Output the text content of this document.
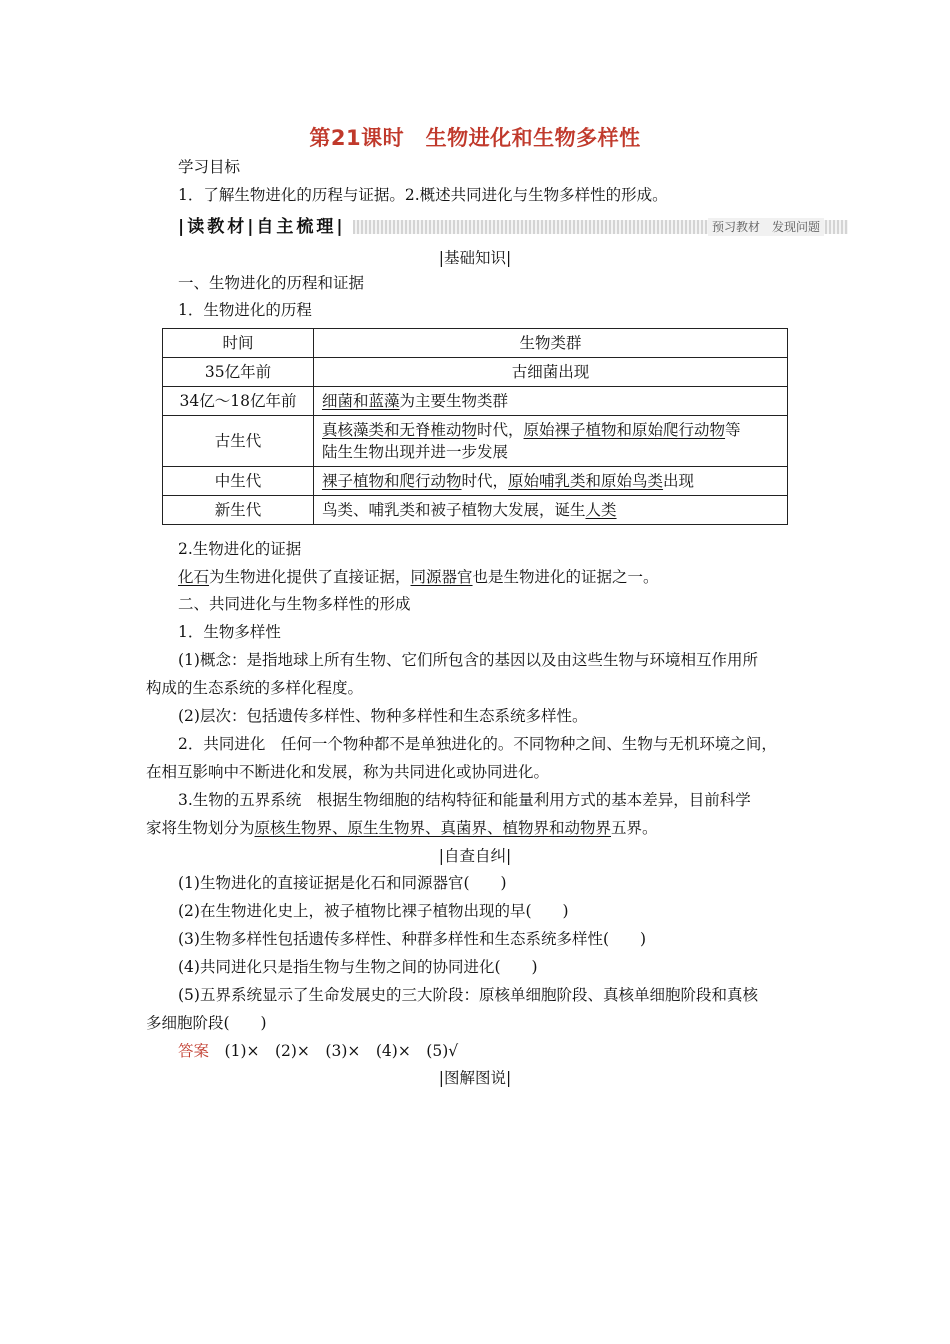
第21课时　生物进化和生物多样性
学习目标
1．了解生物进化的历程与证据。2.概述共同进化与生物多样性的形成。
|读教材|自主梳理|	预习教材　发现问题
|基础知识|
一、生物进化的历程和证据
1．生物进化的历程
时间	生物类群
35亿年前	古细菌出现
34亿～18亿年前	细菌和蓝藻为主要生物类群
古生代	真核藻类和无脊椎动物时代，原始裸子植物和原始爬行动物等
陆生生物出现并进一步发展
中生代	裸子植物和爬行动物时代，原始哺乳类和原始鸟类出现
新生代	鸟类、哺乳类和被子植物大发展，诞生人类
2.生物进化的证据
化石为生物进化提供了直接证据，同源器官也是生物进化的证据之一。
二、共同进化与生物多样性的形成
1．生物多样性
(1)概念：是指地球上所有生物、它们所包含的基因以及由这些生物与环境相互作用所
构成的生态系统的多样化程度。
(2)层次：包括遗传多样性、物种多样性和生态系统多样性。
2．共同进化　任何一个物种都不是单独进化的。不同物种之间、生物与无机环境之间，
在相互影响中不断进化和发展，称为共同进化或协同进化。
3.生物的五界系统　根据生物细胞的结构特征和能量利用方式的基本差异，目前科学
家将生物划分为原核生物界、原生生物界、真菌界、植物界和动物界五界。
|自查自纠|
(1)生物进化的直接证据是化石和同源器官(　　)
(2)在生物进化史上，被子植物比裸子植物出现的早(　　)
(3)生物多样性包括遗传多样性、种群多样性和生态系统多样性(　　)
(4)共同进化只是指生物与生物之间的协同进化(　　)
(5)五界系统显示了生命发展史的三大阶段：原核单细胞阶段、真核单细胞阶段和真核
多细胞阶段(　　)
答案　 (1)×　(2)×　(3)×　(4)×　(5)√
|图解图说|
